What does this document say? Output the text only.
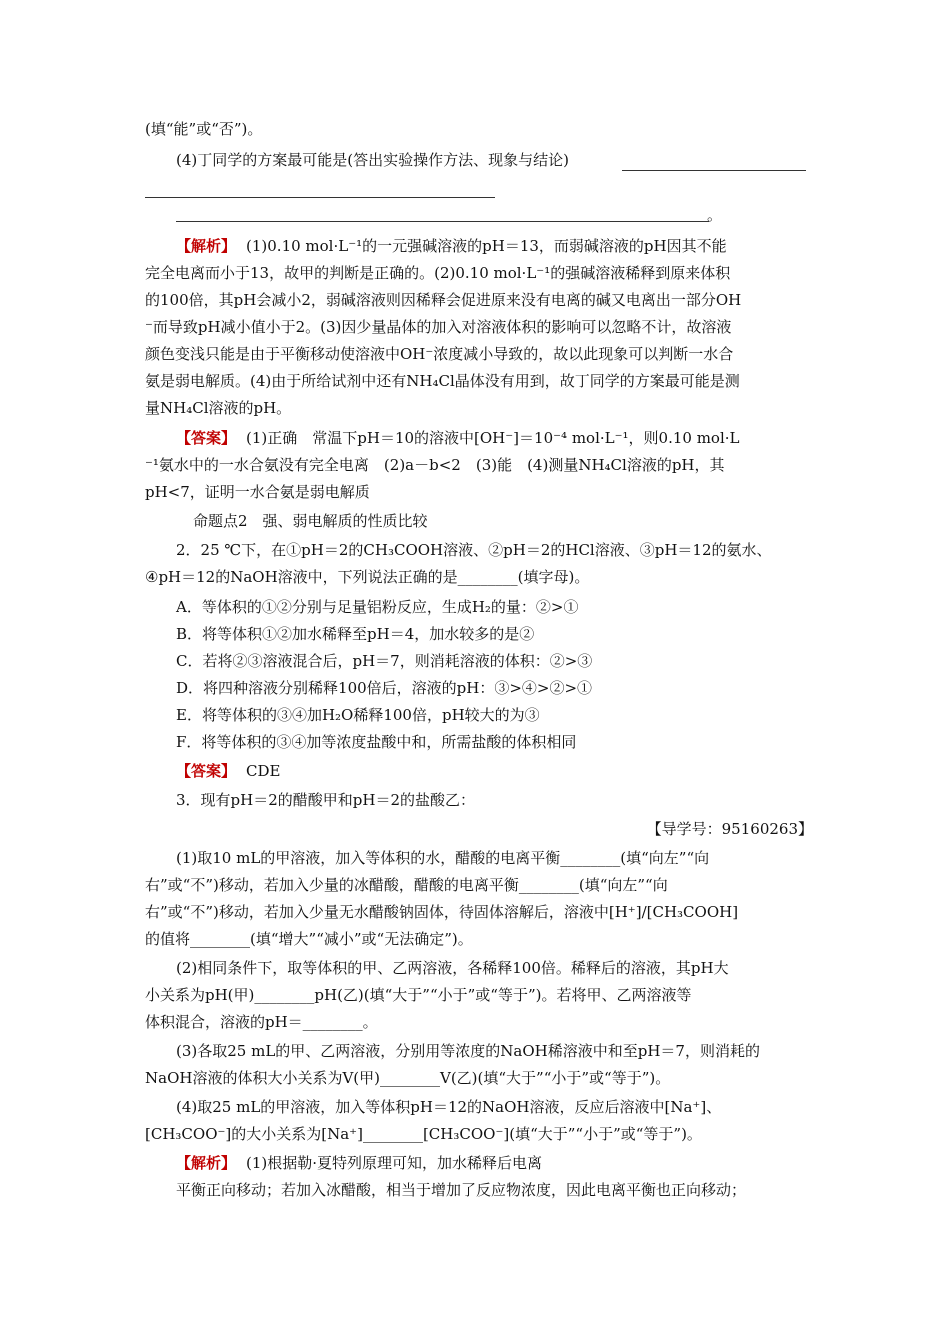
(填“能”或“否”)。
(4)丁同学的方案最可能是(答出实验操作方法、现象与结论)
。
【解析】 (1)0.10 mol·L⁻¹的一元强碱溶液的pH＝13，而弱碱溶液的pH因其不能
完全电离而小于13，故甲的判断是正确的。(2)0.10 mol·L⁻¹的强碱溶液稀释到原来体积
的100倍，其pH会减小2，弱碱溶液则因稀释会促进原来没有电离的碱又电离出一部分OH
⁻而导致pH减小值小于2。(3)因少量晶体的加入对溶液体积的影响可以忽略不计，故溶液
颜色变浅只能是由于平衡移动使溶液中OH⁻浓度减小导致的，故以此现象可以判断一水合
氨是弱电解质。(4)由于所给试剂中还有NH₄Cl晶体没有用到，故丁同学的方案最可能是测
量NH₄Cl溶液的pH。
【答案】 (1)正确　常温下pH＝10的溶液中[OH⁻]＝10⁻⁴ mol·L⁻¹，则0.10 mol·L
⁻¹氨水中的一水合氨没有完全电离　(2)a－b<2　(3)能　(4)测量NH₄Cl溶液的pH，其
pH<7，证明一水合氨是弱电解质
命题点2　强、弱电解质的性质比较
2．25 ℃下，在①pH＝2的CH₃COOH溶液、②pH＝2的HCl溶液、③pH＝12的氨水、
④pH＝12的NaOH溶液中，下列说法正确的是________(填字母)。
A．等体积的①②分别与足量铝粉反应，生成H₂的量：②>①
B．将等体积①②加水稀释至pH＝4，加水较多的是②
C．若将②③溶液混合后，pH＝7，则消耗溶液的体积：②>③
D．将四种溶液分别稀释100倍后，溶液的pH：③>④>②>①
E．将等体积的③④加H₂O稀释100倍，pH较大的为③
F．将等体积的③④加等浓度盐酸中和，所需盐酸的体积相同
【答案】 CDE
3．现有pH＝2的醋酸甲和pH＝2的盐酸乙：
【导学号：95160263】
(1)取10 mL的甲溶液，加入等体积的水，醋酸的电离平衡________(填“向左”“向
右”或“不”)移动，若加入少量的冰醋酸，醋酸的电离平衡________(填“向左”“向
右”或“不”)移动，若加入少量无水醋酸钠固体，待固体溶解后，溶液中[H⁺]/[CH₃COOH]
的值将________(填“增大”“减小”或“无法确定”)。
(2)相同条件下，取等体积的甲、乙两溶液，各稀释100倍。稀释后的溶液，其pH大
小关系为pH(甲)________pH(乙)(填“大于”“小于”或“等于”)。若将甲、乙两溶液等
体积混合，溶液的pH＝________。
(3)各取25 mL的甲、乙两溶液，分别用等浓度的NaOH稀溶液中和至pH＝7，则消耗的
NaOH溶液的体积大小关系为V(甲)________V(乙)(填“大于”“小于”或“等于”)。
(4)取25 mL的甲溶液，加入等体积pH＝12的NaOH溶液，反应后溶液中[Na⁺]、
[CH₃COO⁻]的大小关系为[Na⁺]________[CH₃COO⁻](填“大于”“小于”或“等于”)。
【解析】 (1)根据勒·夏特列原理可知，加水稀释后电离
平衡正向移动；若加入冰醋酸，相当于增加了反应物浓度，因此电离平衡也正向移动；
